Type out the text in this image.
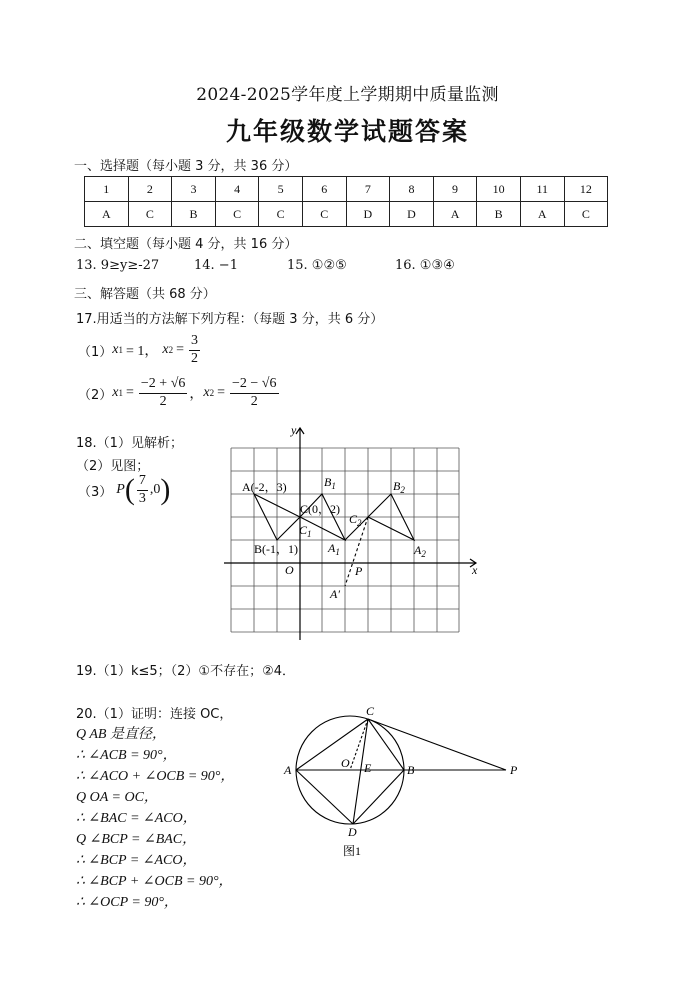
2024-2025学年度上学期期中质量监测
九年级数学试题答案
一、选择题（每小题 3 分，共 36 分）
1	2	3	4	5	6	7	8	9	10	11	12
A	C	B	C	C	C	D	D	A	B	A	C
二、填空题（每小题 4 分，共 16 分）
13. 9≥y≥-27	14. −1	15. ①②⑤	16. ①③④
三、解答题（共 68 分）
17.用适当的方法解下列方程：（每题 3 分，共 6 分）
（1） x 1 = 1， x $2 = \frac{3}{2}$
（2） x $1 = \frac{-2 + √6}{2}$ ， x $2 = \frac{-2 - √6}{2}$
18.（1）见解析；
（2）见图；
（3） P ( $\frac{7}{3} ,0$ )
y
x
O
A(-2，3)
B(-1，1)
C(0，2)
$B_1$
$C_1$
$A_1$
$B_2$
$C_2$
$A_2$
P
A′
19.（1）k≤5；（2）①不存在；②4．
20.（1）证明：连接 OC，
Q AB 是直径，
∴ ∠ACB = 90°，
∴ ∠ACO + ∠OCB = 90°，
Q OA = OC，
∴ ∠BAC = ∠ACO，
Q ∠BCP = ∠BAC，
∴ ∠BCP = ∠ACO，
∴ ∠BCP + ∠OCB = 90°，
∴ ∠OCP = 90°，
A	B
C
D
O E	P
图1
